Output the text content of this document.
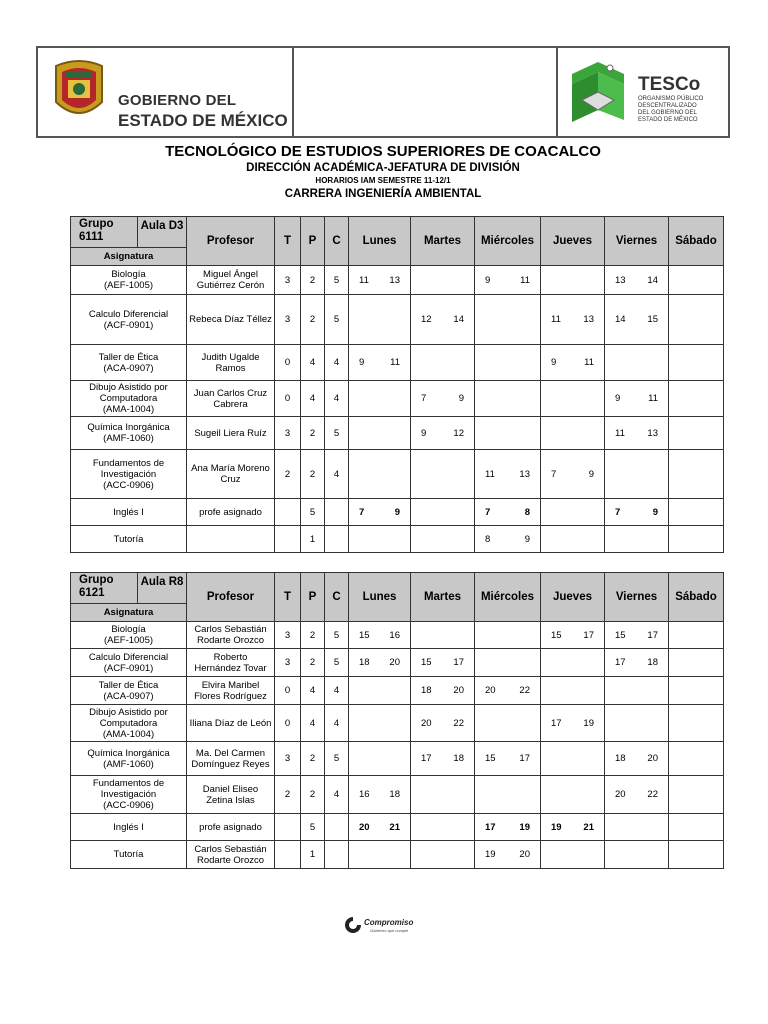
GOBIERNO DEL
ESTADO DE MÉXICO
TESCo
ORGANISMO PÚBLICO
DESCENTRALIZADO
DEL GOBIERNO DEL
ESTADO DE MÉXICO
TECNOLÓGICO DE ESTUDIOS SUPERIORES DE COACALCO
DIRECCIÓN ACADÉMICA-JEFATURA DE DIVISIÓN
HORARIOS IAM SEMESTRE 11-12/1
CARRERA INGENIERÍA AMBIENTAL
Grupo
6111
Aula D3	Profesor	T	P	C	Lunes	Martes	Miércoles	Jueves	Viernes	Sábado
Asignatura										
Biología
(AEF-1005)	Miguel Ángel
Gutiérrez Cerón	3	2	5	11 13		9 11		13 14	

Calculo Diferencial
(ACF-0901)	Rebeca Díaz Téllez	3	2	5		12 14		11 13	14 15	

Taller de Ética
(ACA-0907)	Judith Ugalde
Ramos	0	4	4	9 11			9 11		

Dibujo Asistido por
Computadora
(AMA-1004)	Juan Carlos Cruz
Cabrera	0	4	4		7 9			9 11	

Química Inorgánica
(AMF-1060)	Sugeil Liera Ruíz	3	2	5		9 12			11 13	

Fundamentos de
Investigación
(ACC-0906)	Ana María Moreno
Cruz	2	2	4			11 13	7 9		

Inglés I	profe asignado		5		7 9		7 8		7 9	

Tutoría			1				8 9			

Grupo
6121
Aula R8	Profesor	T	P	C	Lunes	Martes	Miércoles	Jueves	Viernes	Sábado
Asignatura										
Biología
(AEF-1005)	Carlos Sebastián
Rodarte Orozco	3	2	5	15 16			15 17	15 17	

Calculo Diferencial
(ACF-0901)	Roberto
Hernández Tovar	3	2	5	18 20	15 17			17 18	

Taller de Ética
(ACA-0907)	Elvira Maribel
Flores Rodríguez	0	4	4		18 20	20 22			

Dibujo Asistido por
Computadora
(AMA-1004)	Iliana Díaz de León	0	4	4		20 22		17 19		

Química Inorgánica
(AMF-1060)	Ma. Del Carmen
Domínguez Reyes	3	2	5		17 18	15 17		18 20	

Fundamentos de
Investigación
(ACC-0906)	Daniel Eliseo
Zetina Islas	2	2	4	16 18				20 22	

Inglés I	profe asignado		5		20 21		17 19	19 21		

Tutoría	Carlos Sebastián
Rodarte Orozco		1				19 20			

Compromiso
Gobierno que cumple
